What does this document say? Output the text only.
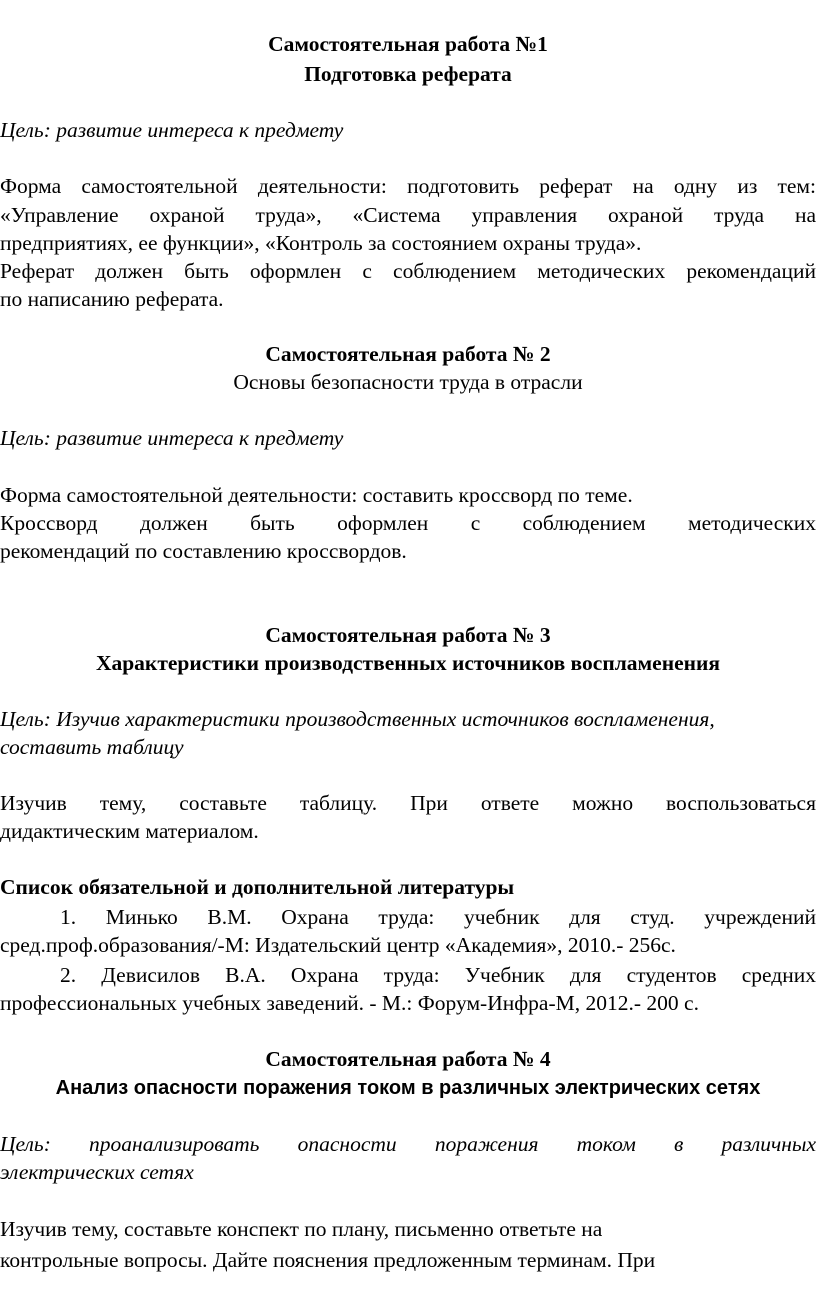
Самостоятельная работа №1
Подготовка реферата
Цель: развитие интереса к предмету
Форма самостоятельной деятельности: подготовить реферат на одну из тем:
«Управление охраной труда», «Система управления охраной труда на
предприятиях, ее функции», «Контроль за состоянием охраны труда».
Реферат должен быть оформлен с соблюдением методических рекомендаций
по написанию реферата.
Самостоятельная работа № 2
Основы безопасности труда в отрасли
Цель: развитие интереса к предмету
Форма самостоятельной деятельности: составить кроссворд по теме.
Кроссворд должен быть оформлен с соблюдением методических
рекомендаций по составлению кроссвордов.
Самостоятельная работа № 3
Характеристики производственных источников воспламенения
Цель: Изучив характеристики производственных источников воспламенения,
составить таблицу
Изучив тему, составьте таблицу. При ответе можно воспользоваться
дидактическим материалом.
Список обязательной и дополнительной литературы
1. Минько В.М. Охрана труда: учебник для студ. учреждений
сред.проф.образования/-М: Издательский центр «Академия», 2010.- 256с.
2. Девисилов В.А. Охрана труда: Учебник для студентов средних
профессиональных учебных заведений. - М.: Форум-Инфра-М, 2012.- 200 с.
Самостоятельная работа № 4
Анализ опасности поражения током в различных электрических сетях
Цель: проанализировать опасности поражения током в различных
электрических сетях
Изучив тему, составьте конспект по плану, письменно ответьте на
контрольные вопросы. Дайте пояснения предложенным терминам. При
